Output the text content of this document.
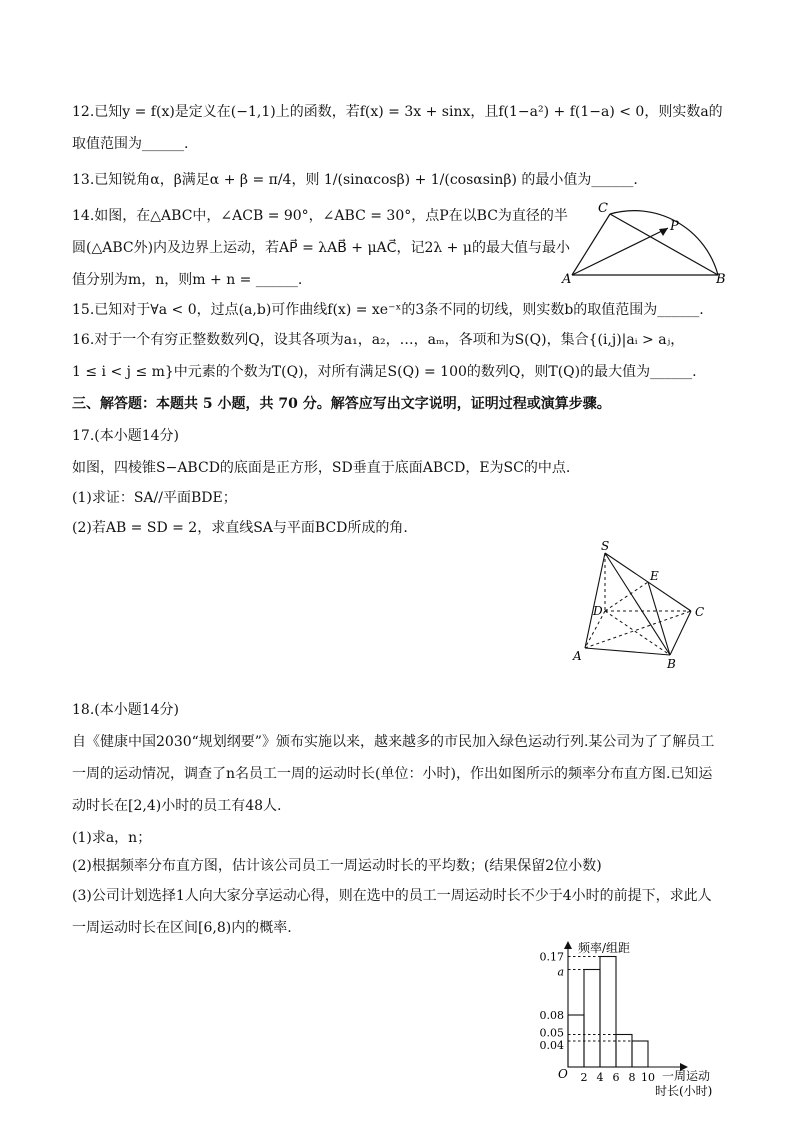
12.已知y = f(x)是定义在(−1,1)上的函数，若f(x) = 3x + sinx，且f(1−a²) + f(1−a) < 0，则实数a的
取值范围为______.
13.已知锐角α，β满足α + β = π/4，则 1/(sinαcosβ) + 1/(cosαsinβ) 的最小值为______.
14.如图，在△ABC中，∠ACB = 90°，∠ABC = 30°，点P在以BC为直径的半
圆(△ABC外)内及边界上运动，若AP⃗ = λAB⃗ + μAC⃗，记2λ + μ的最大值与最小
值分别为m，n，则m + n = ______.
C
P
A	B
15.已知对于∀a < 0，过点(a,b)可作曲线f(x) = xe⁻ˣ的3条不同的切线，则实数b的取值范围为______.
16.对于一个有穷正整数数列Q，设其各项为a₁，a₂，…，aₘ，各项和为S(Q)，集合{(i,j)|aᵢ > aⱼ，
1 ≤ i < j ≤ m}中元素的个数为T(Q)，对所有满足S(Q) = 100的数列Q，则T(Q)的最大值为______.
三、解答题：本题共 5 小题，共 70 分。解答应写出文字说明，证明过程或演算步骤。
17.(本小题14分)
如图，四棱锥S−ABCD的底面是正方形，SD垂直于底面ABCD，E为SC的中点.
(1)求证：SA//平面BDE；
(2)若AB = SD = 2，求直线SA与平面BCD所成的角.
S
E
D	C
A
B
18.(本小题14分)
自《健康中国2030“规划纲要”》颁布实施以来，越来越多的市民加入绿色运动行列.某公司为了了解员工
一周的运动情况，调查了n名员工一周的运动时长(单位：小时)，作出如图所示的频率分布直方图.已知运
动时长在[2,4)小时的员工有48人.
(1)求a，n；
(2)根据频率分布直方图，估计该公司员工一周运动时长的平均数；(结果保留2位小数)
(3)公司计划选择1人向大家分享运动心得，则在选中的员工一周运动时长不少于4小时的前提下，求此人
一周运动时长在区间[6,8)内的概率.
0.17
a
0.08
0.05
0.04
2 4 6 8 10
频率/组距
O	一周运动
时长(小时)
